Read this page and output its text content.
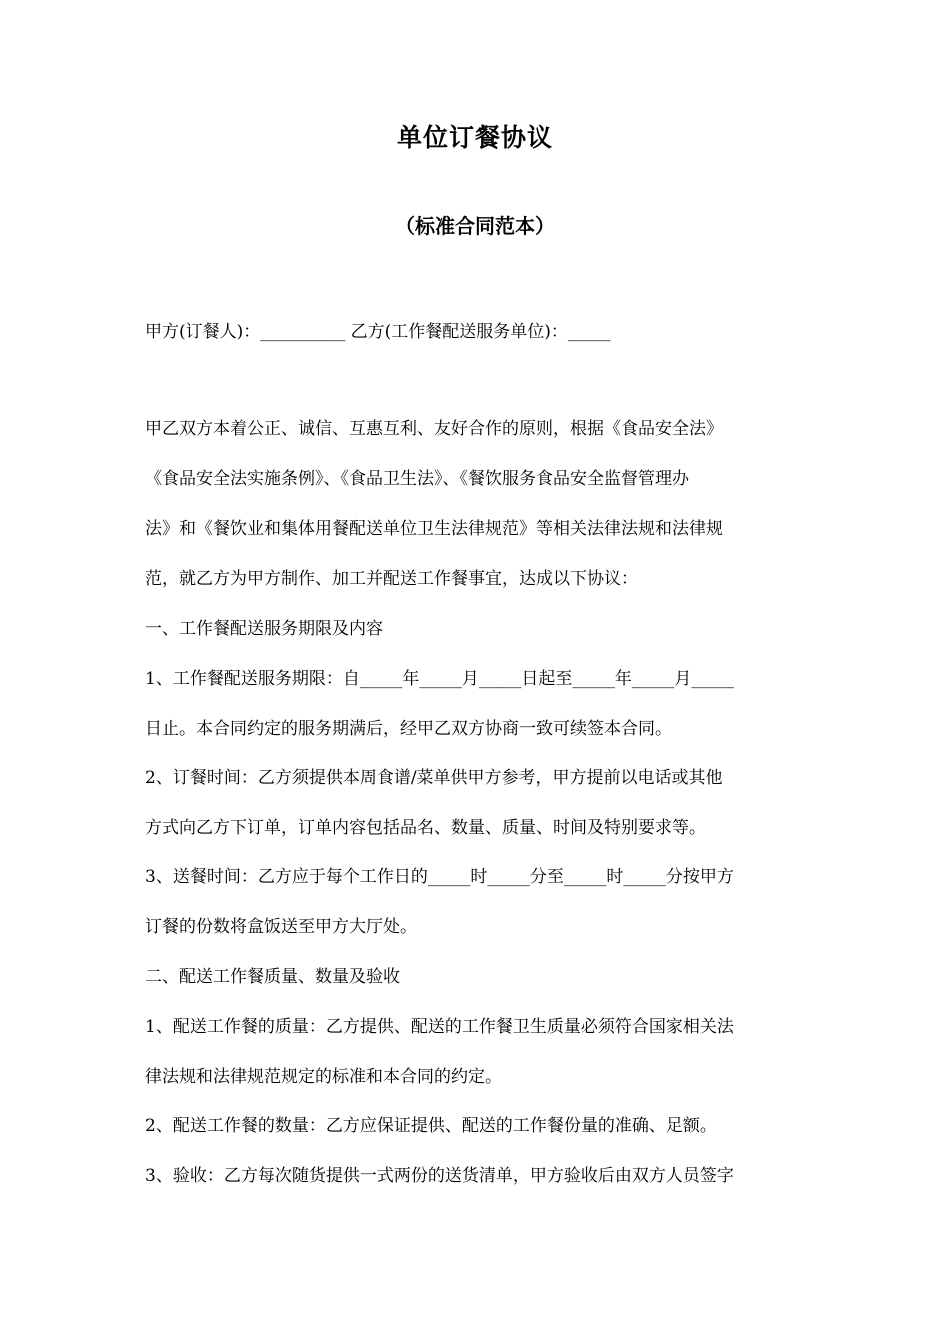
单位订餐协议
（标准合同范本）
甲方(订餐人)：__________ 乙方(工作餐配送服务单位)：_____
甲乙双方本着公正、诚信、互惠互利、友好合作的原则，根据《食品安全法》
《食品安全法实施条例》、《食品卫生法》、《餐饮服务食品安全监督管理办
法》和《餐饮业和集体用餐配送单位卫生法律规范》等相关法律法规和法律规
范，就乙方为甲方制作、加工并配送工作餐事宜，达成以下协议：
一、工作餐配送服务期限及内容
1、工作餐配送服务期限：自_____年_____月_____日起至_____年_____月_____
日止。本合同约定的服务期满后，经甲乙双方协商一致可续签本合同。
2、订餐时间：乙方须提供本周食谱/菜单供甲方参考，甲方提前以电话或其他
方式向乙方下订单，订单内容包括品名、数量、质量、时间及特别要求等。
3、送餐时间：乙方应于每个工作日的_____时_____分至_____时_____分按甲方
订餐的份数将盒饭送至甲方大厅处。
二、配送工作餐质量、数量及验收
1、配送工作餐的质量：乙方提供、配送的工作餐卫生质量必须符合国家相关法
律法规和法律规范规定的标准和本合同的约定。
2、配送工作餐的数量：乙方应保证提供、配送的工作餐份量的准确、足额。
3、验收：乙方每次随货提供一式两份的送货清单，甲方验收后由双方人员签字
